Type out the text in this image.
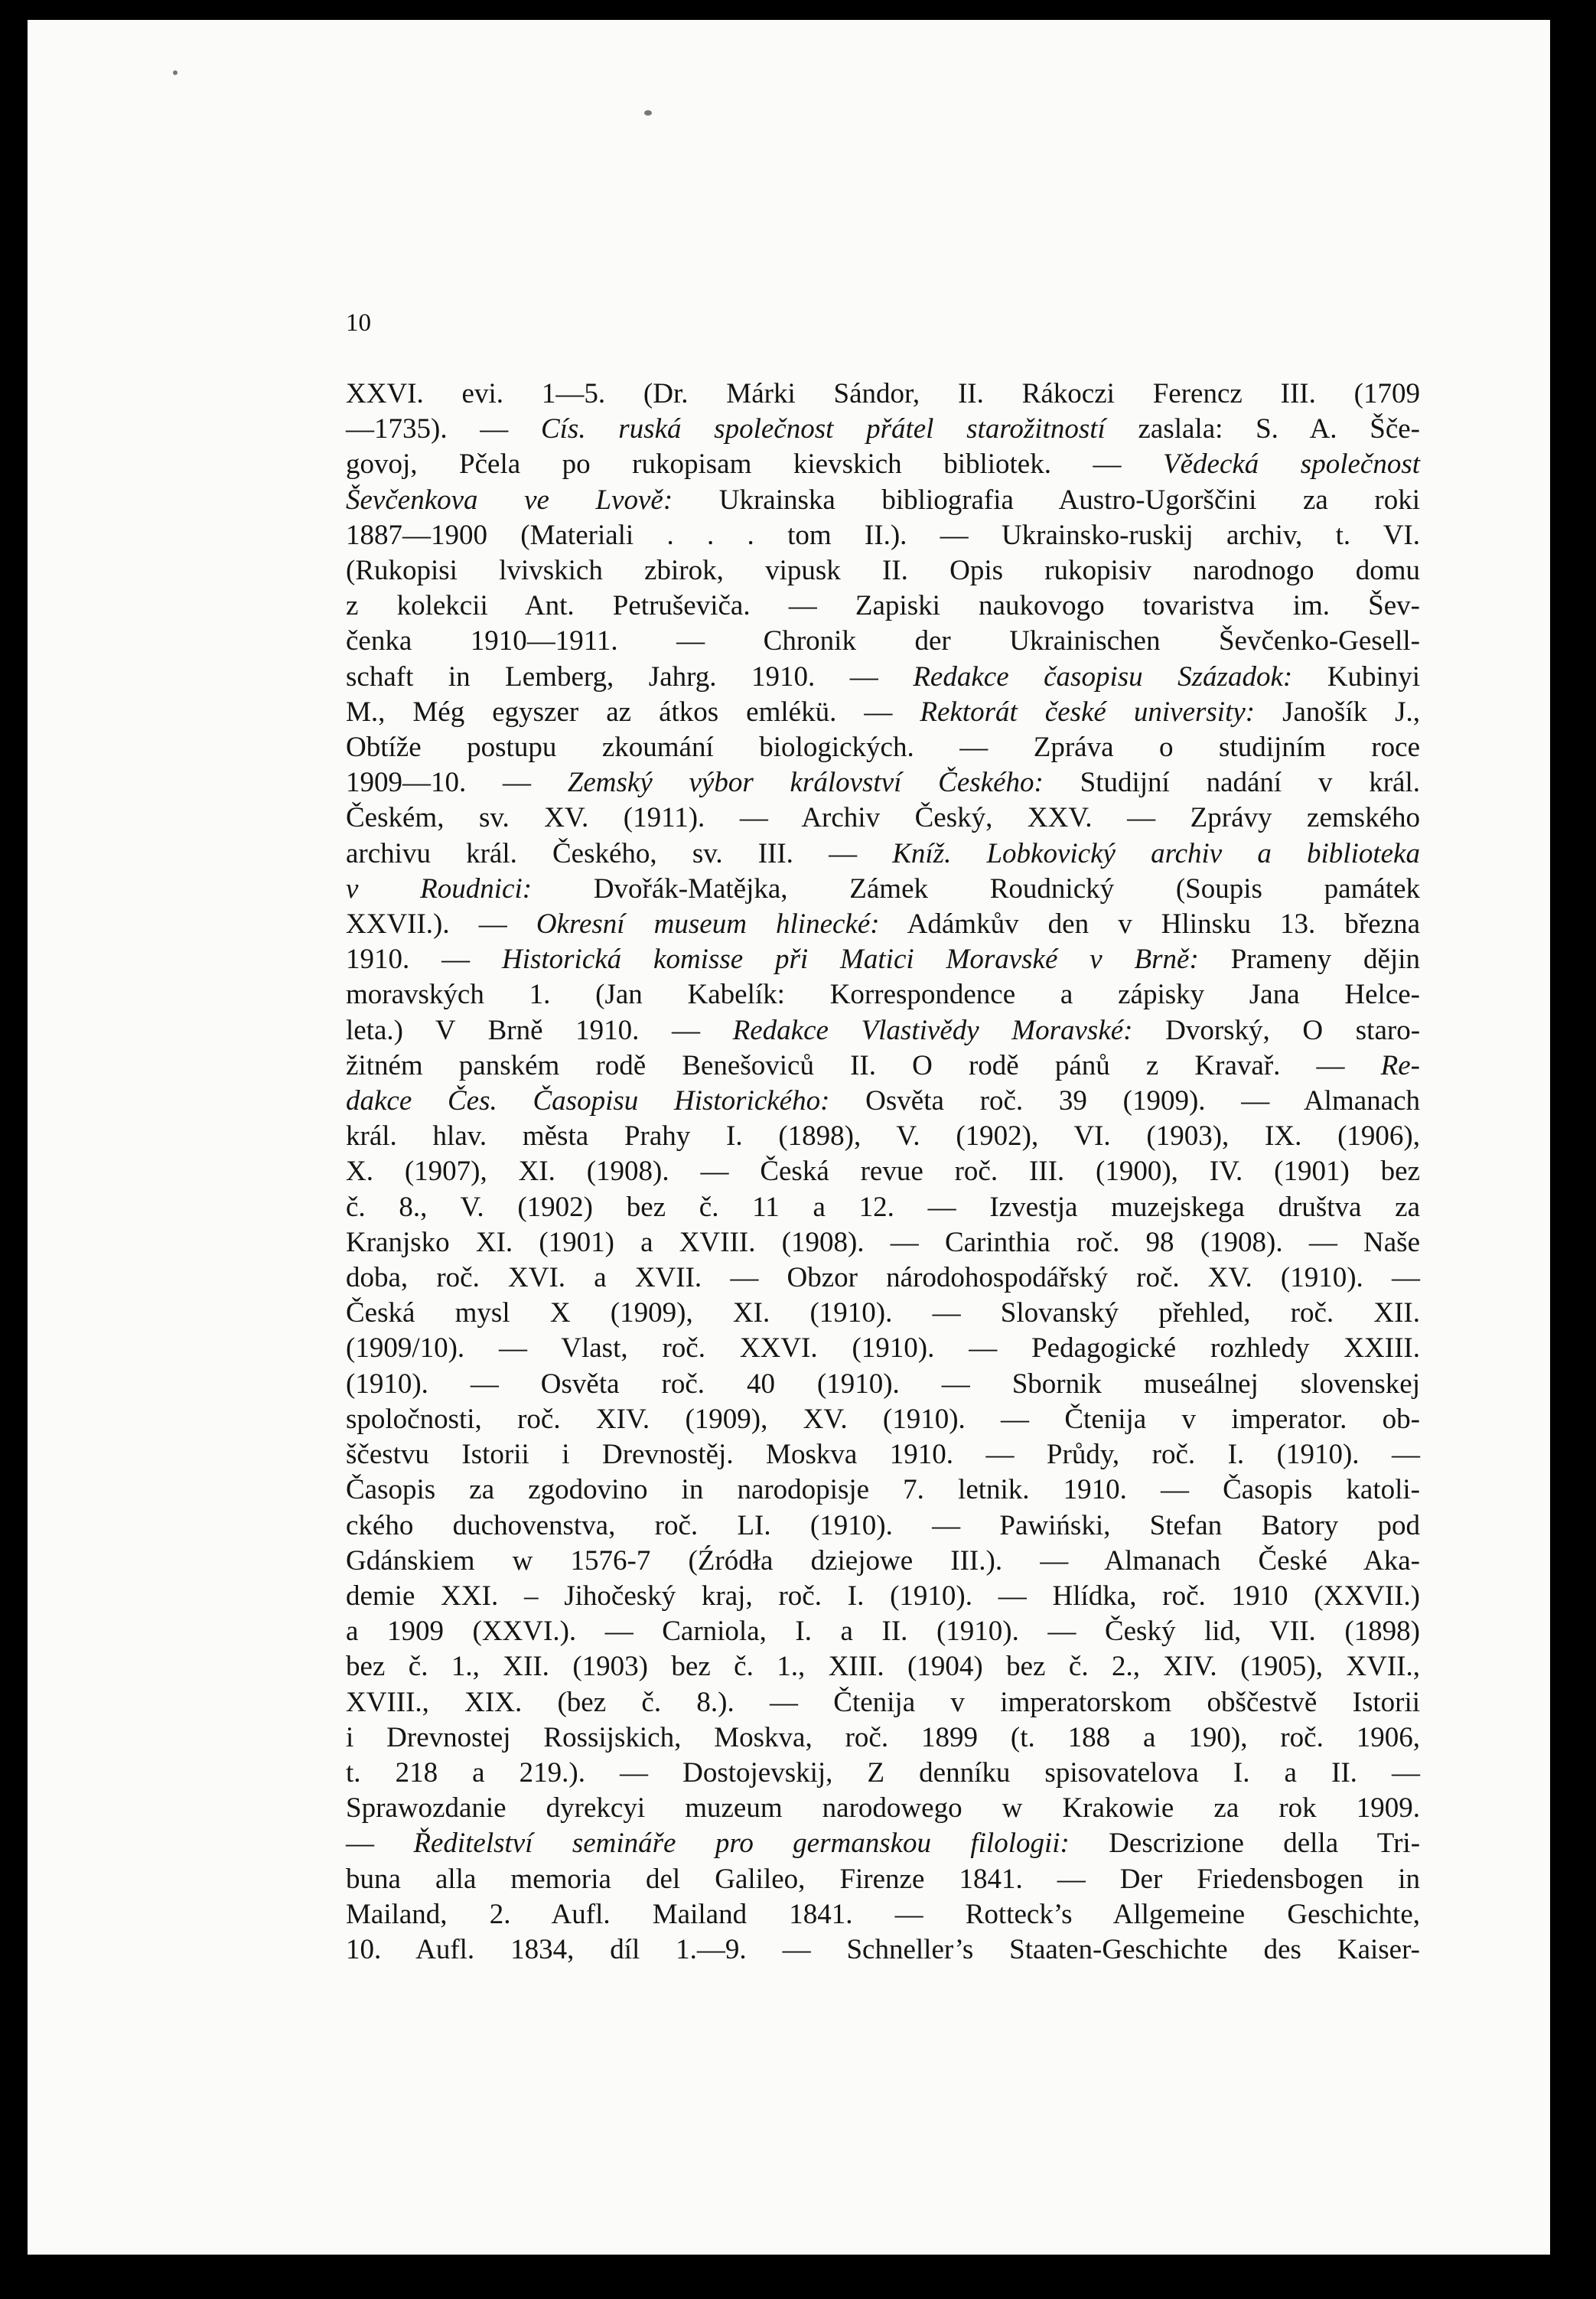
10
XXVI. evi. 1—5. (Dr. Márki Sándor, II. Rákoczi Ferencz III. (1709
—1735). — Cís. ruská společnost přátel starožitností zaslala: S. A. Ščе-
govoj, Pčela po rukopisam kievskich bibliotek. — Vědecká společnost
Ševčenkova ve Lvově: Ukrainska bibliografia Austro-Ugorščini za roki
1887—1900 (Materiali . . . tom II.). — Ukrainsko-ruskij archiv, t. VI.
(Rukopisi lvivskich zbirok, vipusk II. Opis rukopisiv narodnogo domu
z kolekcii Ant. Petruševiča. — Zapiski naukovogo tovaristva im. Šev-
čenka 1910—1911. — Chronik der Ukrainischen Ševčenko-Gesell-
schaft in Lemberg, Jahrg. 1910. — Redakce časopisu Századok: Kubinyi
M., Még egyszer az átkos emlékü. — Rektorát české university: Janošík J.,
Obtíže postupu zkoumání biologických. — Zpráva o studijním roce
1909—10. — Zemský výbor království Českého: Studijní nadání v král.
Českém, sv. XV. (1911). — Archiv Český, XXV. — Zprávy zemského
archivu král. Českého, sv. III. — Kníž. Lobkovický archiv a biblioteka
v Roudnici: Dvořák-Matějka, Zámek Roudnický (Soupis památek
XXVII.). — Okresní museum hlinecké: Adámkův den v Hlinsku 13. března
1910. — Historická komisse při Matici Moravské v Brně: Prameny dějin
moravských 1. (Jan Kabelík: Korrespondence a zápisky Jana Helce-
leta.) V Brně 1910. — Redakce Vlastivědy Moravské: Dvorský, O staro-
žitném panském rodě Benešoviců II. O rodě pánů z Kravař. — Re-
dakce Čes. Časopisu Historického: Osvěta roč. 39 (1909). — Almanach
král. hlav. města Prahy I. (1898), V. (1902), VI. (1903), IX. (1906),
X. (1907), XI. (1908). — Česká revue roč. III. (1900), IV. (1901) bez
č. 8., V. (1902) bez č. 11 a 12. — Izvestja muzejskega društva za
Kranjsko XI. (1901) a XVIII. (1908). — Carinthia roč. 98 (1908). — Naše
doba, roč. XVI. a XVII. — Obzor národohospodářský roč. XV. (1910). —
Česká mysl X (1909), XI. (1910). — Slovanský přehled, roč. XII.
(1909/10). — Vlast, roč. XXVI. (1910). — Pedagogické rozhledy XXIII.
(1910). — Osvěta roč. 40 (1910). — Sbornik museálnej slovenskej
spoločnosti, roč. XIV. (1909), XV. (1910). — Čtenija v imperator. ob-
ščestvu Istorii i Drevnostěj. Moskva 1910. — Průdy, roč. I. (1910). —
Časopis za zgodovino in narodopisje 7. letnik. 1910. — Časopis katoli-
ckého duchovenstva, roč. LI. (1910). — Pawiński, Stefan Batory pod
Gdánskiem w 1576-7 (Źródła dziejowe III.). — Almanach České Aka-
demie XXI. – Jihočeský kraj, roč. I. (1910). — Hlídka, roč. 1910 (XXVII.)
a 1909 (XXVI.). — Carniola, I. a II. (1910). — Český lid, VII. (1898)
bez č. 1., XII. (1903) bez č. 1., XIII. (1904) bez č. 2., XIV. (1905), XVII.,
XVIII., XIX. (bez č. 8.). — Čtenija v imperatorskom obščestvě Istorii
i Drevnostej Rossijskich, Moskva, roč. 1899 (t. 188 a 190), roč. 1906,
t. 218 a 219.). — Dostojevskij, Z denníku spisovatelova I. a II. —
Sprawozdanie dyrekcyi muzeum narodowego w Krakowie za rok 1909.
— Ředitelství semináře pro germanskou filologii: Descrizione della Tri-
buna alla memoria del Galileo, Firenze 1841. — Der Friedensbogen in
Mailand, 2. Aufl. Mailand 1841. — Rotteck’s Allgemeine Geschichte,
10. Aufl. 1834, díl 1.—9. — Schneller’s Staaten-Geschichte des Kaiser-
